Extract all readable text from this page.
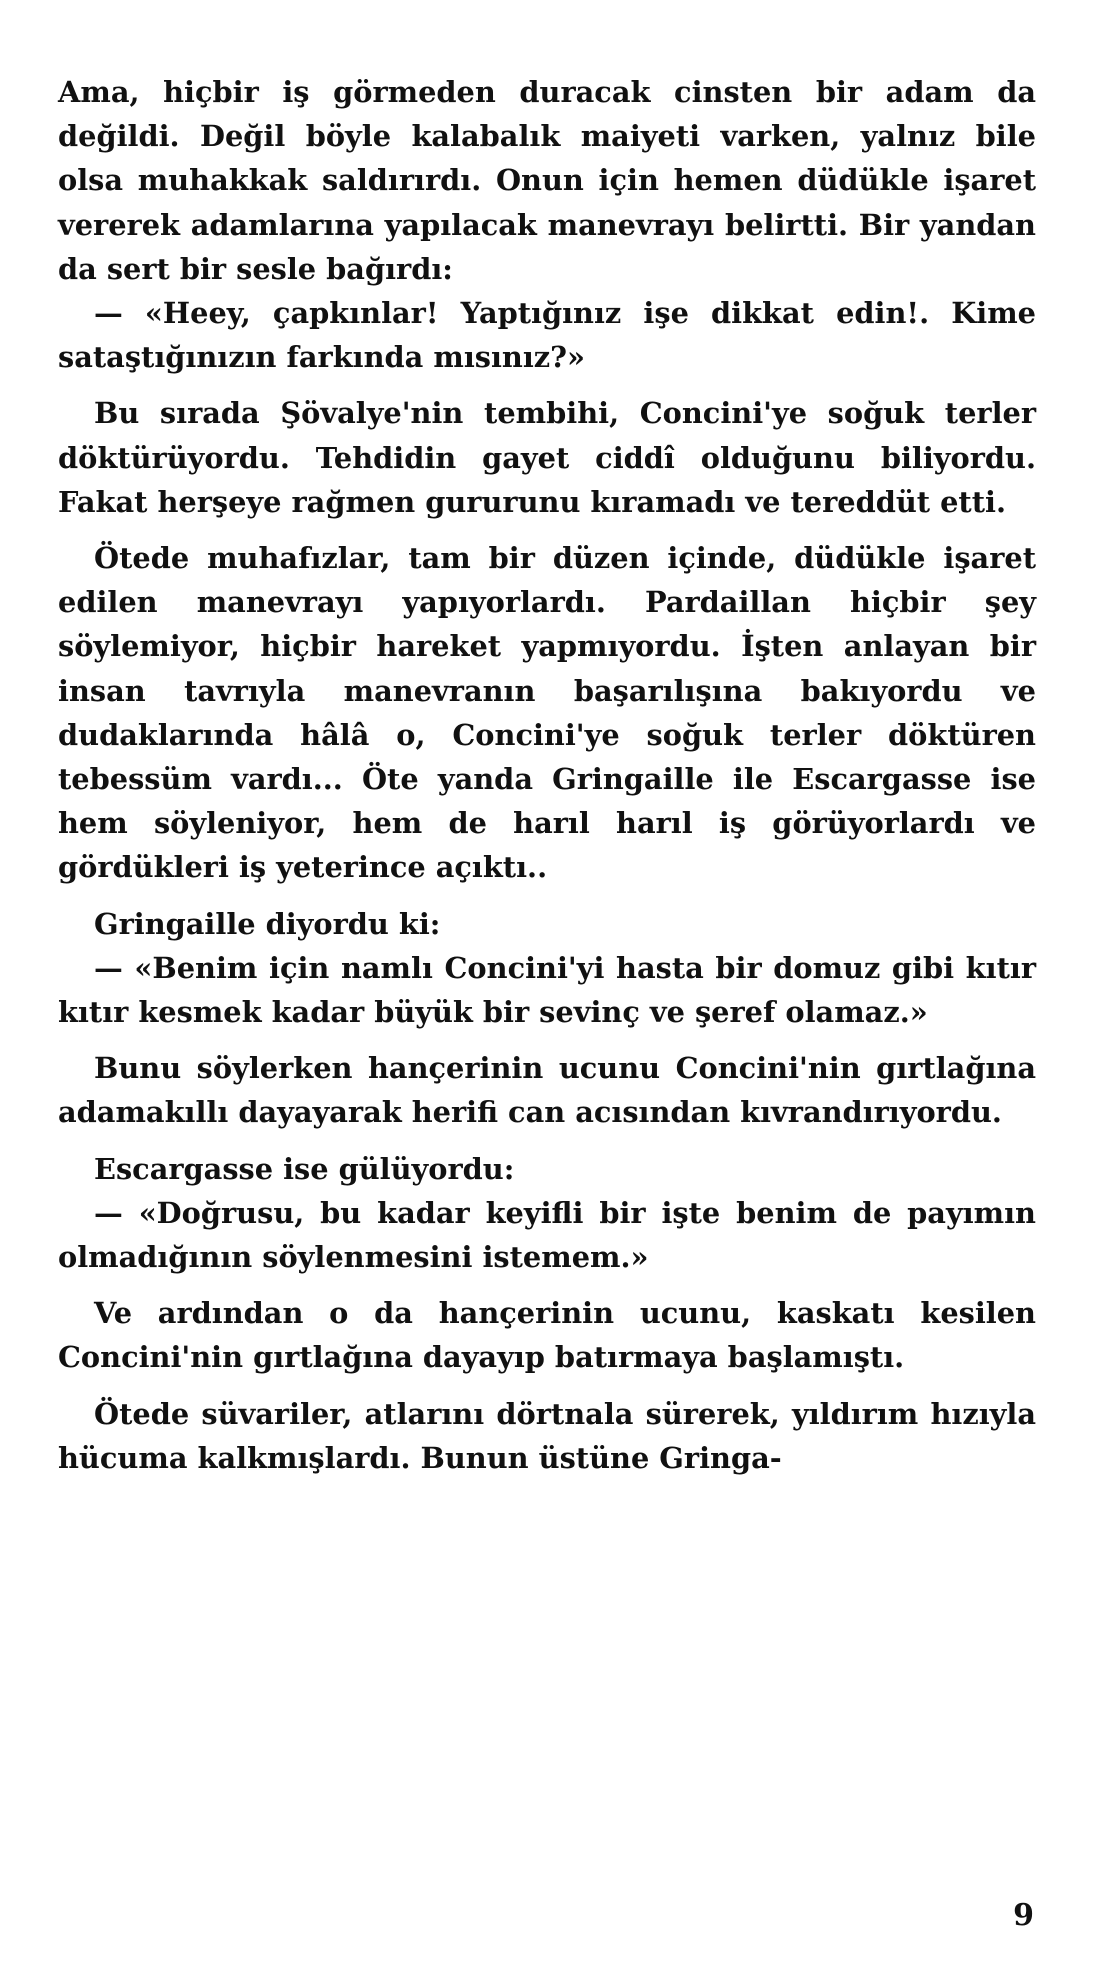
Ama, hiçbir iş görmeden duracak cinsten bir adam da değildi. Değil böyle kalabalık maiyeti varken, yalnız bile olsa muhakkak saldırırdı. Onun için hemen düdükle işaret vererek adamlarına yapılacak manevrayı belirtti. Bir yandan da sert bir sesle bağırdı:

— «Heey, çapkınlar! Yaptığınız işe dikkat edin!. Kime sataştığınızın farkında mısınız?»

Bu sırada Şövalye'nin tembihi, Concini'ye soğuk terler döktürüyordu. Tehdidin gayet ciddî olduğunu biliyordu. Fakat herşeye rağmen gururunu kıramadı ve tereddüt etti.

Ötede muhafızlar, tam bir düzen içinde, düdükle işaret edilen manevrayı yapıyorlardı. Pardaillan hiçbir şey söylemiyor, hiçbir hareket yapmıyordu. İşten anlayan bir insan tavrıyla manevranın başarılışına bakıyordu ve dudaklarında hâlâ o, Concini'ye soğuk terler döktüren tebessüm vardı... Öte yanda Gringaille ile Escargasse ise hem söyleniyor, hem de harıl harıl iş görüyorlardı ve gördükleri iş yeterince açıktı..

Gringaille diyordu ki:

— «Benim için namlı Concini'yi hasta bir domuz gibi kıtır kıtır kesmek kadar büyük bir sevinç ve şeref olamaz.»

Bunu söylerken hançerinin ucunu Concini'nin gırtlağına adamakıllı dayayarak herifi can acısından kıvrandırıyordu.

Escargasse ise gülüyordu:

— «Doğrusu, bu kadar keyifli bir işte benim de payımın olmadığının söylenmesini istemem.»

Ve ardından o da hançerinin ucunu, kaskatı kesilen Concini'nin gırtlağına dayayıp batırmaya başlamıştı.

Ötede süvariler, atlarını dörtnala sürerek, yıldırım hızıyla hücuma kalkmışlardı. Bunun üstüne Gringa-

9
